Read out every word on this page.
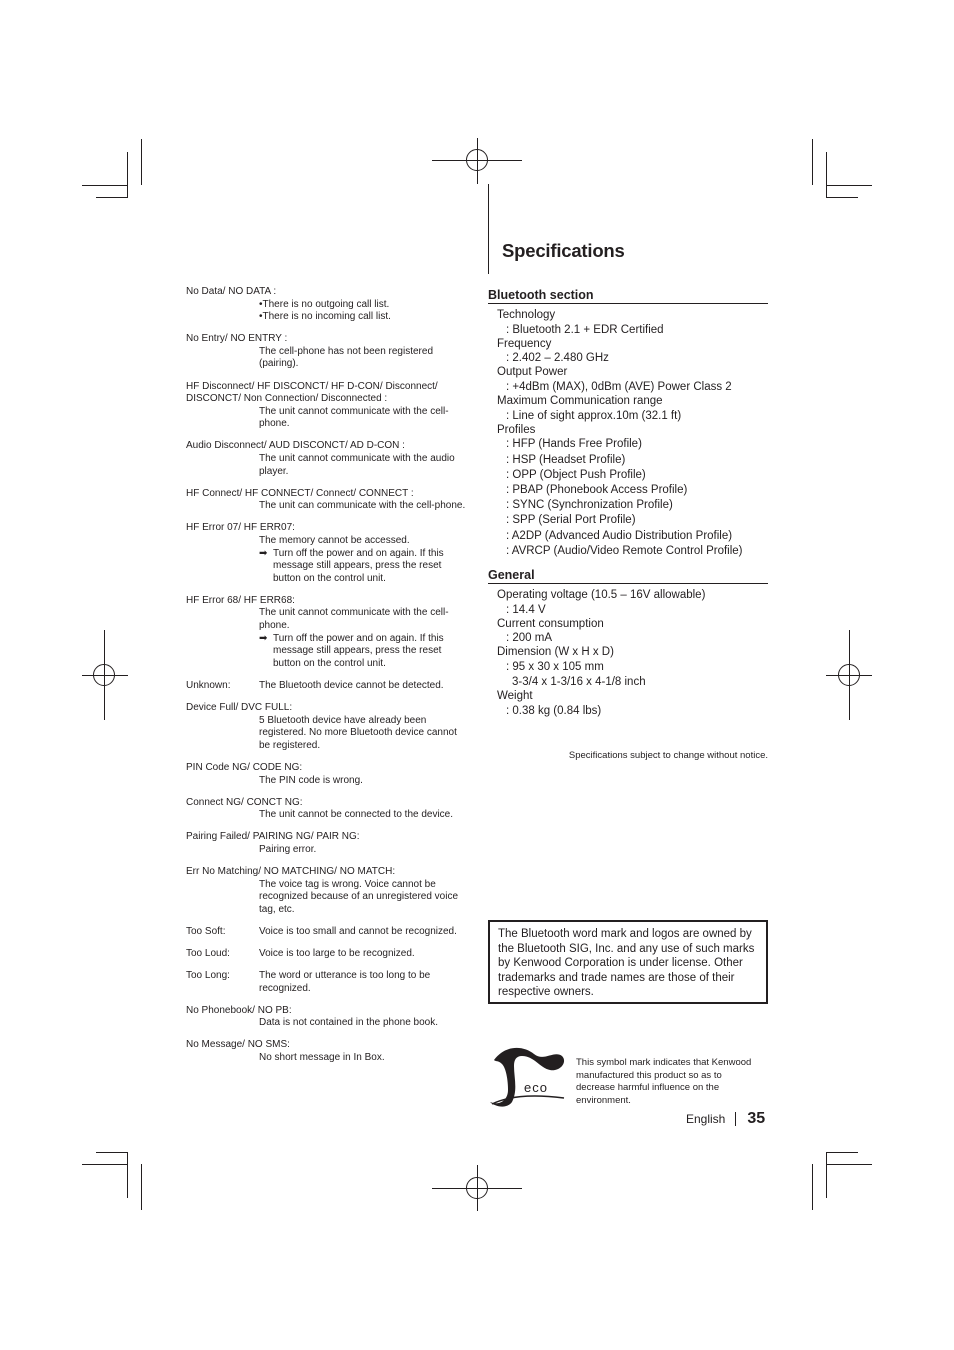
Specifications
No Data/ NO DATA :
• There is no outgoing call list.
• There is no incoming call list.
No Entry/ NO ENTRY :
The cell-phone has not been registered (pairing).
HF Disconnect/ HF DISCONCT/ HF D-CON/ Disconnect/ DISCONCT/ Non Connection/ Disconnected :
The unit cannot communicate with the cell-phone.
Audio Disconnect/ AUD DISCONCT/ AD D-CON :
The unit cannot communicate with the audio player.
HF Connect/ HF CONNECT/ Connect/ CONNECT :
The unit can communicate with the cell-phone.
HF Error 07/ HF ERR07:
The memory cannot be accessed.
➡ Turn off the power and on again. If this message still appears, press the reset button on the control unit.
HF Error 68/ HF ERR68:
The unit cannot communicate with the cell-phone.
➡ Turn off the power and on again. If this message still appears, press the reset button on the control unit.
Unknown:	The Bluetooth device cannot be detected.
Device Full/ DVC FULL:
5 Bluetooth device have already been registered. No more Bluetooth device cannot be registered.
PIN Code NG/ CODE NG:
The PIN code is wrong.
Connect NG/ CONCT NG:
The unit cannot be connected to the device.
Pairing Failed/ PAIRING NG/ PAIR NG:
Pairing error.
Err No Matching/ NO MATCHING/ NO MATCH:
The voice tag is wrong. Voice cannot be recognized because of an unregistered voice tag, etc.
Too Soft:	Voice is too small and cannot be recognized.
Too Loud:	Voice is too large to be recognized.
Too Long:	The word or utterance is too long to be recognized.
No Phonebook/ NO PB:
Data is not contained in the phone book.
No Message/ NO SMS:
No short message in In Box.
Bluetooth section
Technology
: Bluetooth 2.1 + EDR Certified
Frequency
: 2.402 – 2.480 GHz
Output Power
: +4dBm (MAX), 0dBm (AVE) Power Class 2
Maximum Communication range
: Line of sight approx.10m (32.1 ft)
Profiles
: HFP (Hands Free Profile)
: HSP (Headset Profile)
: OPP (Object Push Profile)
: PBAP (Phonebook Access Profile)
: SYNC (Synchronization Profile)
: SPP (Serial Port Profile)
: A2DP (Advanced Audio Distribution Profile)
: AVRCP (Audio/Video Remote Control Profile)
General
Operating voltage (10.5 – 16V allowable)
: 14.4 V
Current consumption
: 200 mA
Dimension (W x H x D)
: 95 x 30 x 105 mm
3-3/4 x 1-3/16 x 4-1/8 inch
Weight
: 0.38 kg (0.84 lbs)
Specifications subject to change without notice.
The Bluetooth word mark and logos are owned by the Bluetooth SIG, Inc. and any use of such marks by Kenwood Corporation is under license. Other trademarks and trade names are those of their respective owners.
eco
This symbol mark indicates that Kenwood manufactured this product so as to decrease harmful influence on the environment.
English 35
